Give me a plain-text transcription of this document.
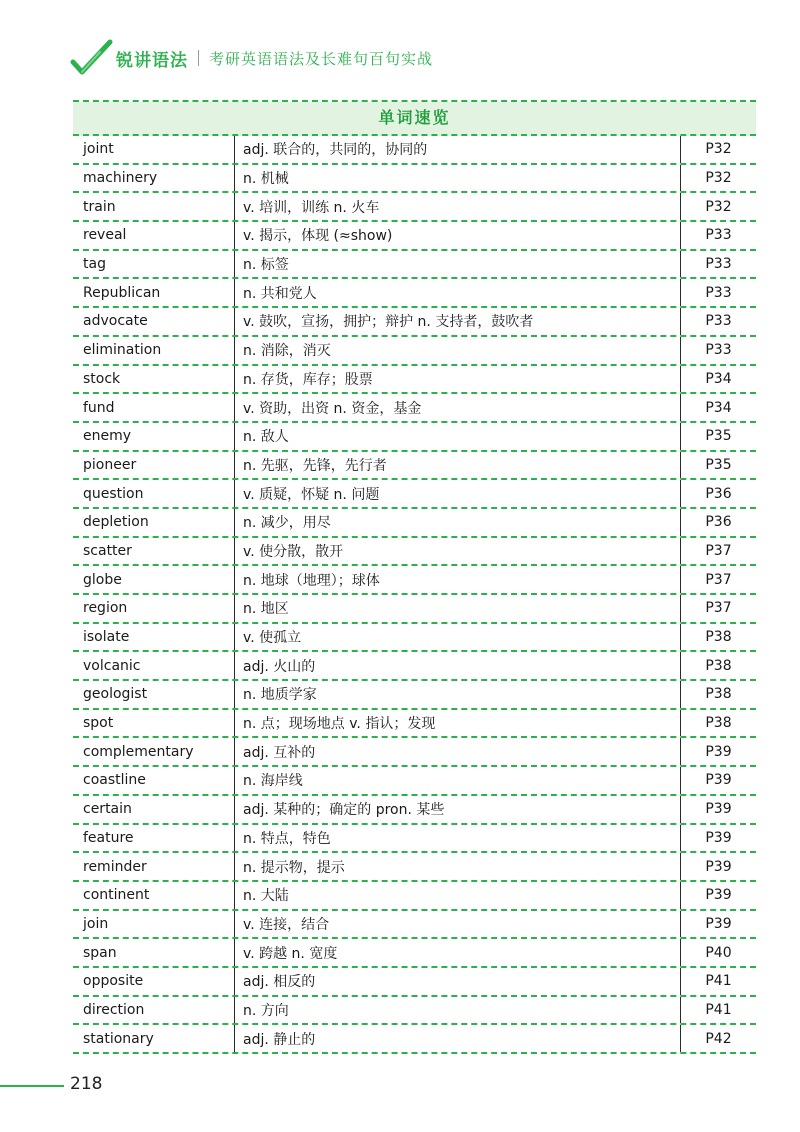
锐讲语法 考研英语语法及长难句百句实战
单词速览
joint	adj. 联合的，共同的，协同的	P32
machinery	n. 机械	P32
train	v. 培训，训练 n. 火车	P32
reveal	v. 揭示，体现 (≈show)	P33
tag	n. 标签	P33
Republican	n. 共和党人	P33
advocate	v. 鼓吹，宣扬，拥护；辩护 n. 支持者，鼓吹者	P33
elimination	n. 消除，消灭	P33
stock	n. 存货，库存；股票	P34
fund	v. 资助，出资 n. 资金，基金	P34
enemy	n. 敌人	P35
pioneer	n. 先驱，先锋，先行者	P35
question	v. 质疑，怀疑 n. 问题	P36
depletion	n. 减少，用尽	P36
scatter	v. 使分散，散开	P37
globe	n. 地球（地理）；球体	P37
region	n. 地区	P37
isolate	v. 使孤立	P38
volcanic	adj. 火山的	P38
geologist	n. 地质学家	P38
spot	n. 点；现场地点 v. 指认；发现	P38
complementary	adj. 互补的	P39
coastline	n. 海岸线	P39
certain	adj. 某种的；确定的 pron. 某些	P39
feature	n. 特点，特色	P39
reminder	n. 提示物，提示	P39
continent	n. 大陆	P39
join	v. 连接，结合	P39
span	v. 跨越 n. 宽度	P40
opposite	adj. 相反的	P41
direction	n. 方向	P41
stationary	adj. 静止的	P42
218
